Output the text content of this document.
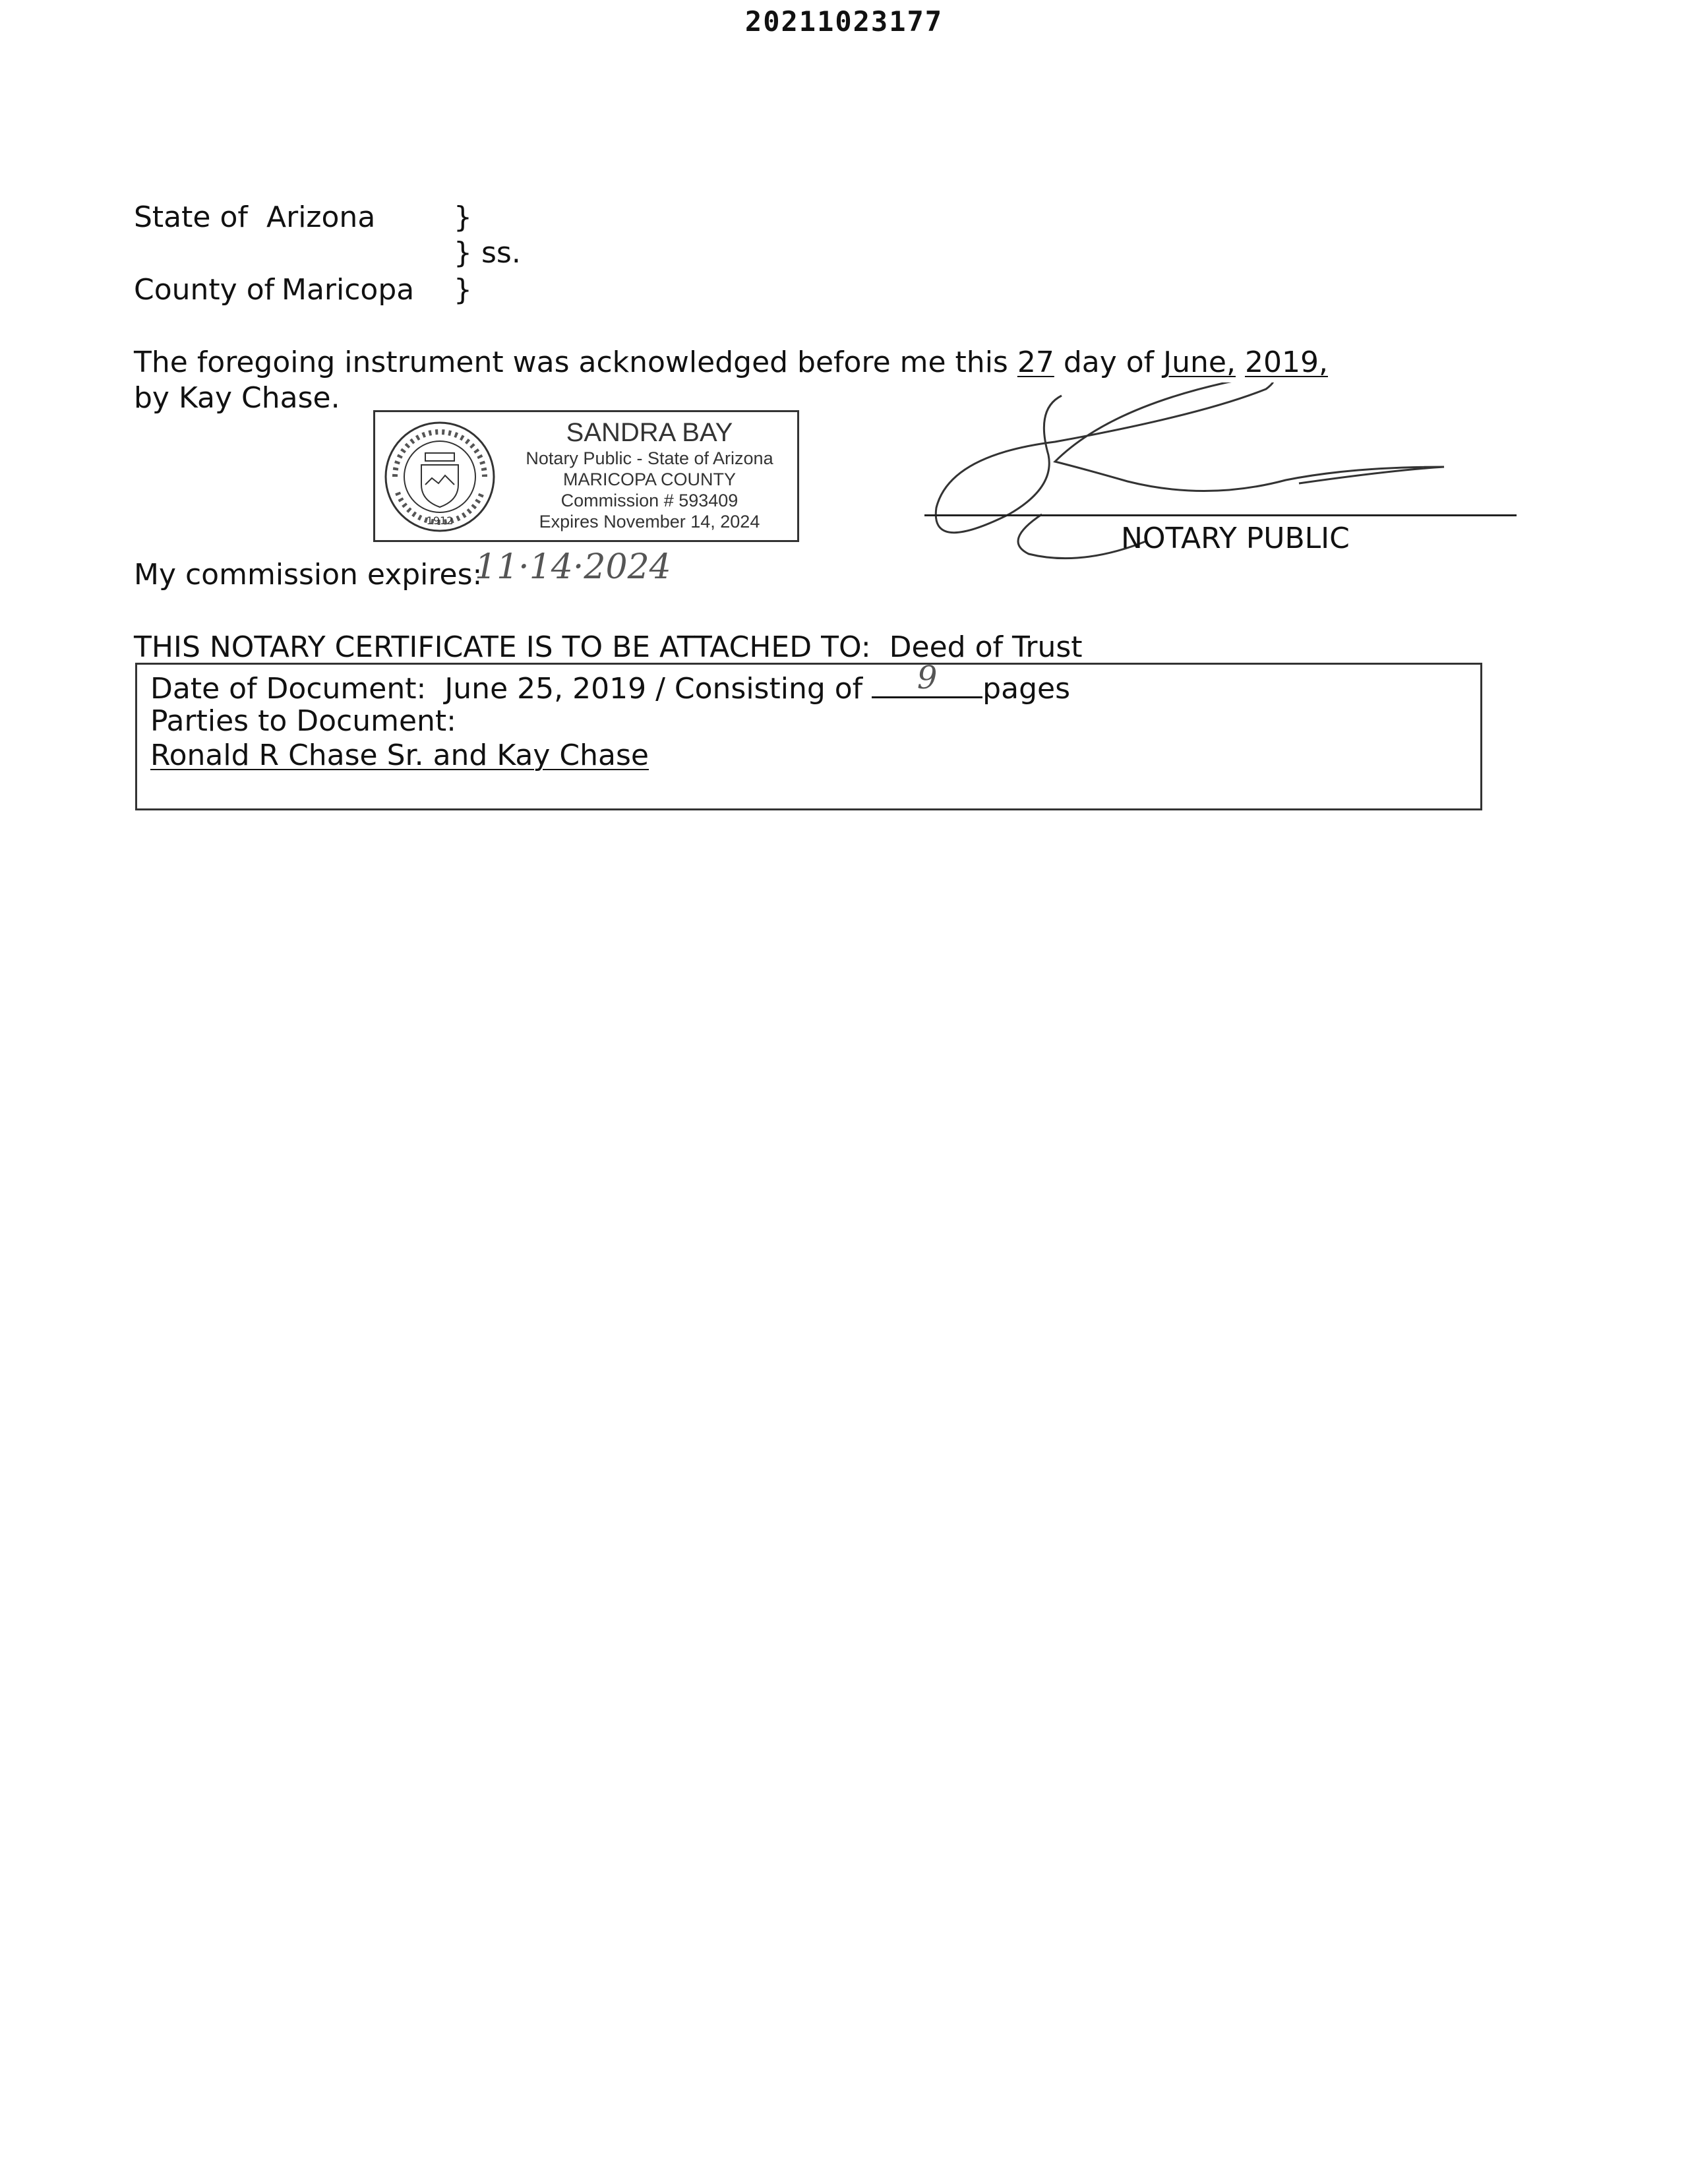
20211023177
State of Arizona	}
} ss.
County of Maricopa }
The foregoing instrument was acknowledged before me this 27 day of June, 2019,
by Kay Chase.
1912
SANDRA BAY
Notary Public - State of Arizona
MARICOPA COUNTY
Commission # 593409
Expires November 14, 2024	NOTARY PUBLIC
My commission expires:
11·14·2024
THIS NOTARY CERTIFICATE IS TO BE ATTACHED TO: Deed of Trust
Date of Document: June 25, 2019 / Consisting of	9	pages
Parties to Document:
Ronald R Chase Sr. and Kay Chase
